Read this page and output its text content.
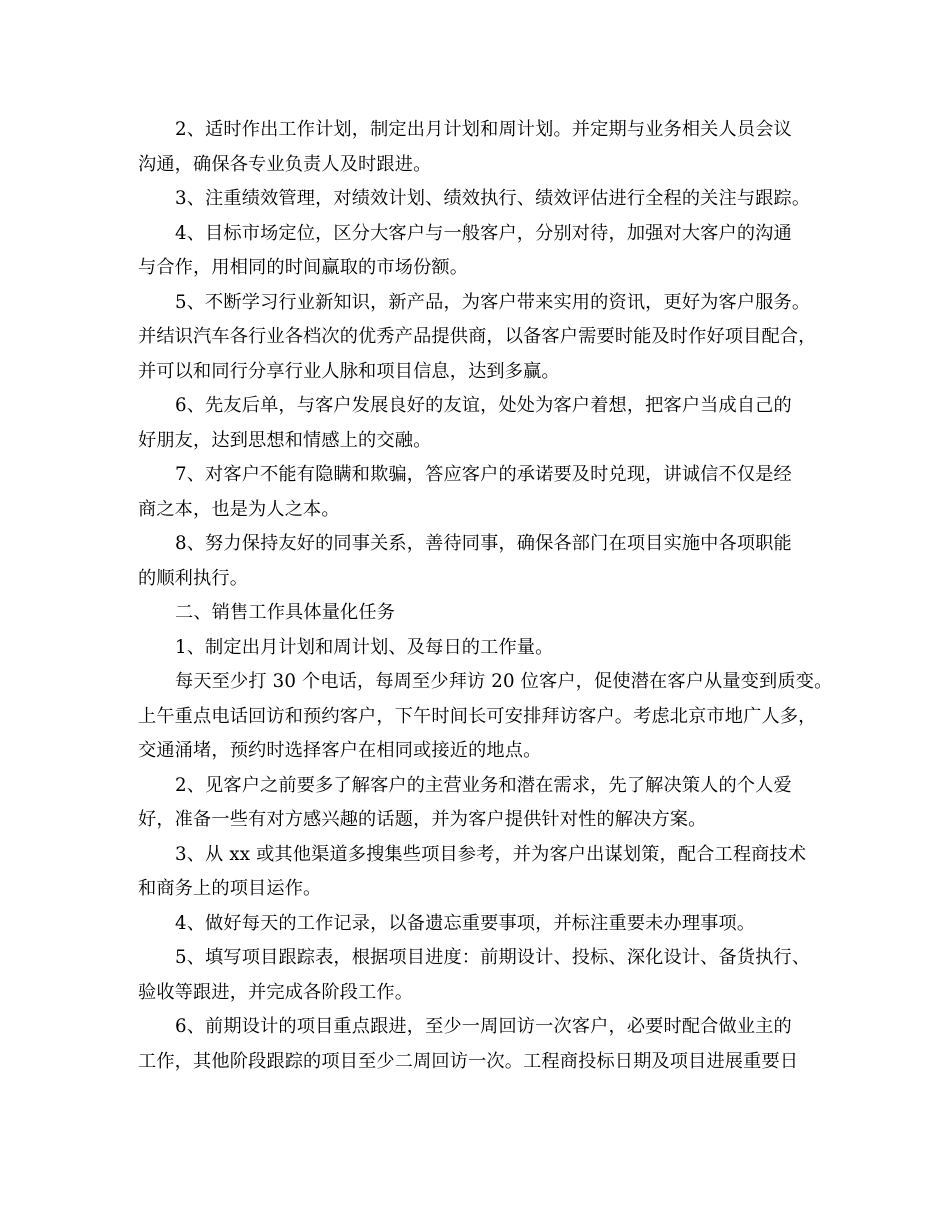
2、适时作出工作计划，制定出月计划和周计划。并定期与业务相关人员会议
沟通，确保各专业负责人及时跟进。

3、注重绩效管理，对绩效计划、绩效执行、绩效评估进行全程的关注与跟踪。

4、目标市场定位，区分大客户与一般客户，分别对待，加强对大客户的沟通
与合作，用相同的时间赢取的市场份额。

5、不断学习行业新知识，新产品，为客户带来实用的资讯，更好为客户服务。
并结识汽车各行业各档次的优秀产品提供商，以备客户需要时能及时作好项目配合，
并可以和同行分享行业人脉和项目信息，达到多赢。

6、先友后单，与客户发展良好的友谊，处处为客户着想，把客户当成自己的
好朋友，达到思想和情感上的交融。

7、对客户不能有隐瞒和欺骗，答应客户的承诺要及时兑现，讲诚信不仅是经
商之本，也是为人之本。

8、努力保持友好的同事关系，善待同事，确保各部门在项目实施中各项职能
的顺利执行。

二、销售工作具体量化任务

1、制定出月计划和周计划、及每日的工作量。

每天至少打 30 个电话，每周至少拜访 20 位客户，促使潜在客户从量变到质变。
上午重点电话回访和预约客户，下午时间长可安排拜访客户。考虑北京市地广人多，
交通涌堵，预约时选择客户在相同或接近的地点。

2、见客户之前要多了解客户的主营业务和潜在需求，先了解决策人的个人爱
好，准备一些有对方感兴趣的话题，并为客户提供针对性的解决方案。

3、从 xx 或其他渠道多搜集些项目参考，并为客户出谋划策，配合工程商技术
和商务上的项目运作。

4、做好每天的工作记录，以备遗忘重要事项，并标注重要未办理事项。

5、填写项目跟踪表，根据项目进度：前期设计、投标、深化设计、备货执行、
验收等跟进，并完成各阶段工作。

6、前期设计的项目重点跟进，至少一周回访一次客户，必要时配合做业主的
工作，其他阶段跟踪的项目至少二周回访一次。工程商投标日期及项目进展重要日
